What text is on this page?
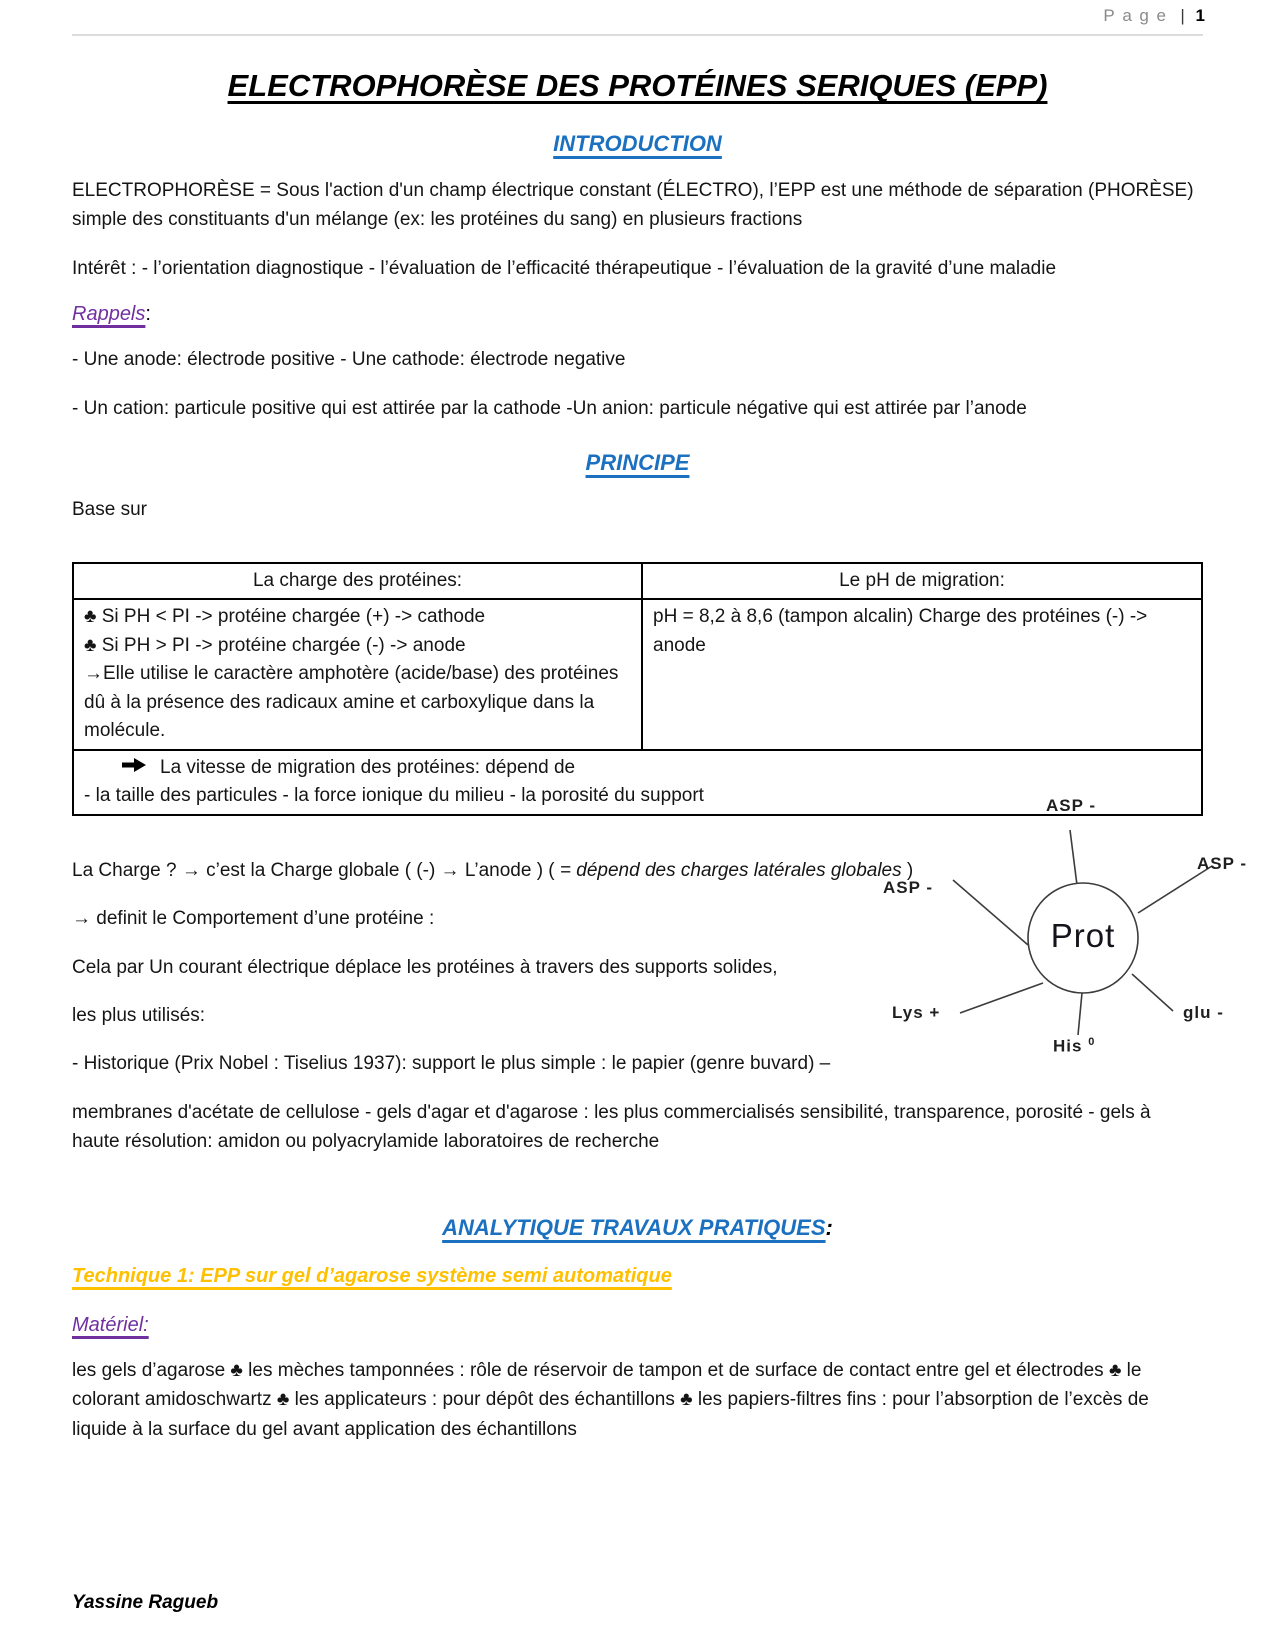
Page | 1
ELECTROPHORÈSE DES PROTÉINES SERIQUES (EPP)
INTRODUCTION

ELECTROPHORÈSE = Sous l'action d'un champ électrique constant (ÉLECTRO), l’EPP est une méthode de séparation (PHORÈSE) simple des constituants d'un mélange (ex: les protéines du sang) en plusieurs fractions

Intérêt : - l’orientation diagnostique - l’évaluation de l’efficacité thérapeutique - l’évaluation de la gravité d’une maladie

Rappels:

- Une anode: électrode positive - Une cathode: électrode negative

- Un cation: particule positive qui est attirée par la cathode -Un anion: particule négative qui est attirée par l’anode

PRINCIPE

Base sur

La charge des protéines:	Le pH de migration:

♣ Si PH < PI -> protéine chargée (+) -> cathode
♣ Si PH > PI -> protéine chargée (-) -> anode
→Elle utilise le caractère amphotère (acide/base) des protéines dû à la présence des radicaux amine et carboxylique dans la molécule.	pH = 8,2 à 8,6 (tampon alcalin) Charge des protéines (-) -> anode

La vitesse de migration des protéines: dépend de
- la taille des particules - la force ionique du milieu - la porosité du support	

La Charge ? → c’est la Charge globale ( (-) → L’anode ) ( = dépend des charges latérales globales )

→ definit le Comportement d’une protéine :

Cela par Un courant électrique déplace les protéines à travers des supports solides,

les plus utilisés:

- Historique (Prix Nobel : Tiselius 1937): support le plus simple : le papier (genre buvard) –

membranes d'acétate de cellulose - gels d'agar et d'agarose : les plus commercialisés sensibilité, transparence, porosité - gels à haute résolution: amidon ou polyacrylamide laboratoires de recherche

ANALYTIQUE TRAVAUX PRATIQUES:
Technique 1: EPP sur gel d’agarose système semi automatique
Matériel:

les gels d’agarose ♣ les mèches tamponnées : rôle de réservoir de tampon et de surface de contact entre gel et électrodes ♣ le colorant amidoschwartz ♣ les applicateurs : pour dépôt des échantillons ♣ les papiers-filtres fins : pour l’absorption de l’excès de liquide à la surface du gel avant application des échantillons

Prot
ASP -
ASP -
ASP -
Lys +
His $^0$
glu -
Yassine Ragueb
